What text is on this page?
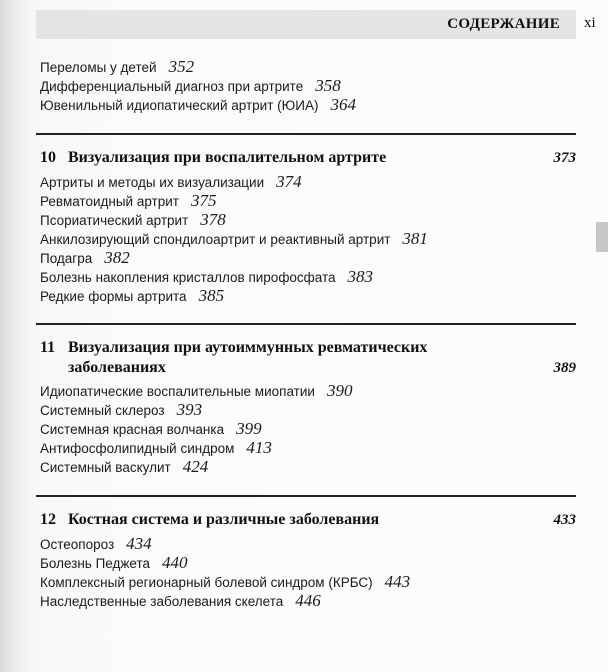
СОДЕРЖАНИЕ xi
Переломы у детей 352
Дифференциальный диагноз при артрите 358
Ювенильный идиопатический артрит (ЮИА) 364
10 Визуализация при воспалительном артрите	373
Артриты и методы их визуализации 374
Ревматоидный артрит 375
Псориатический артрит 378
Анкилозирующий спондилоартрит и реактивный артрит 381
Подагра 382
Болезнь накопления кристаллов пирофосфата 383
Редкие формы артрита 385
11 Визуализация при аутоиммунных ревматических заболеваниях	389
Идиопатические воспалительные миопатии 390
Системный склероз 393
Системная красная волчанка 399
Антифосфолипидный синдром 413
Системный васкулит 424
12 Костная система и различные заболевания	433
Остеопороз 434
Болезнь Педжета 440
Комплексный регионарный болевой синдром (КРБС) 443
Наследственные заболевания скелета 446
